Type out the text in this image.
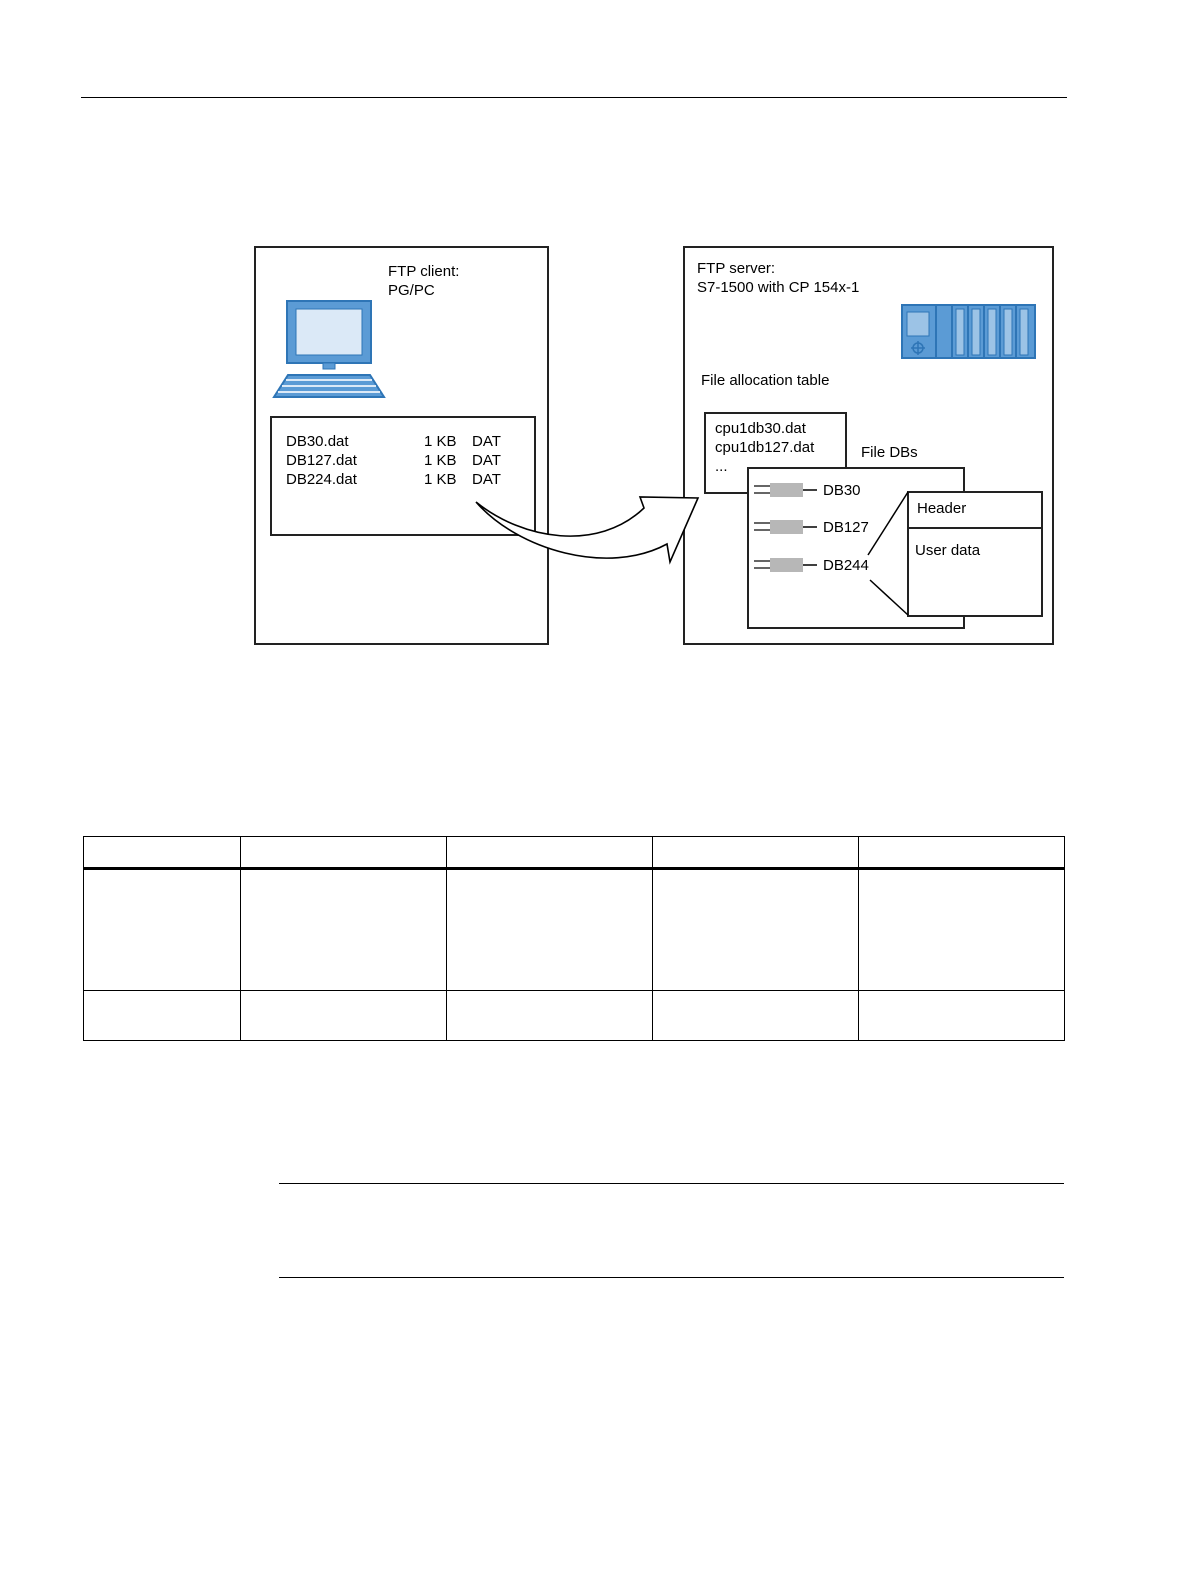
FTP client:
PG/PC
DB30.dat	1 KB DAT
DB127.dat	1 KB DAT
DB224.dat	1 KB DAT
FTP server:
S7-1500 with CP 154x-1
File allocation table
cpu1db30.dat
cpu1db127.dat
...
File DBs
DB30
DB127
DB244
Header
User data
